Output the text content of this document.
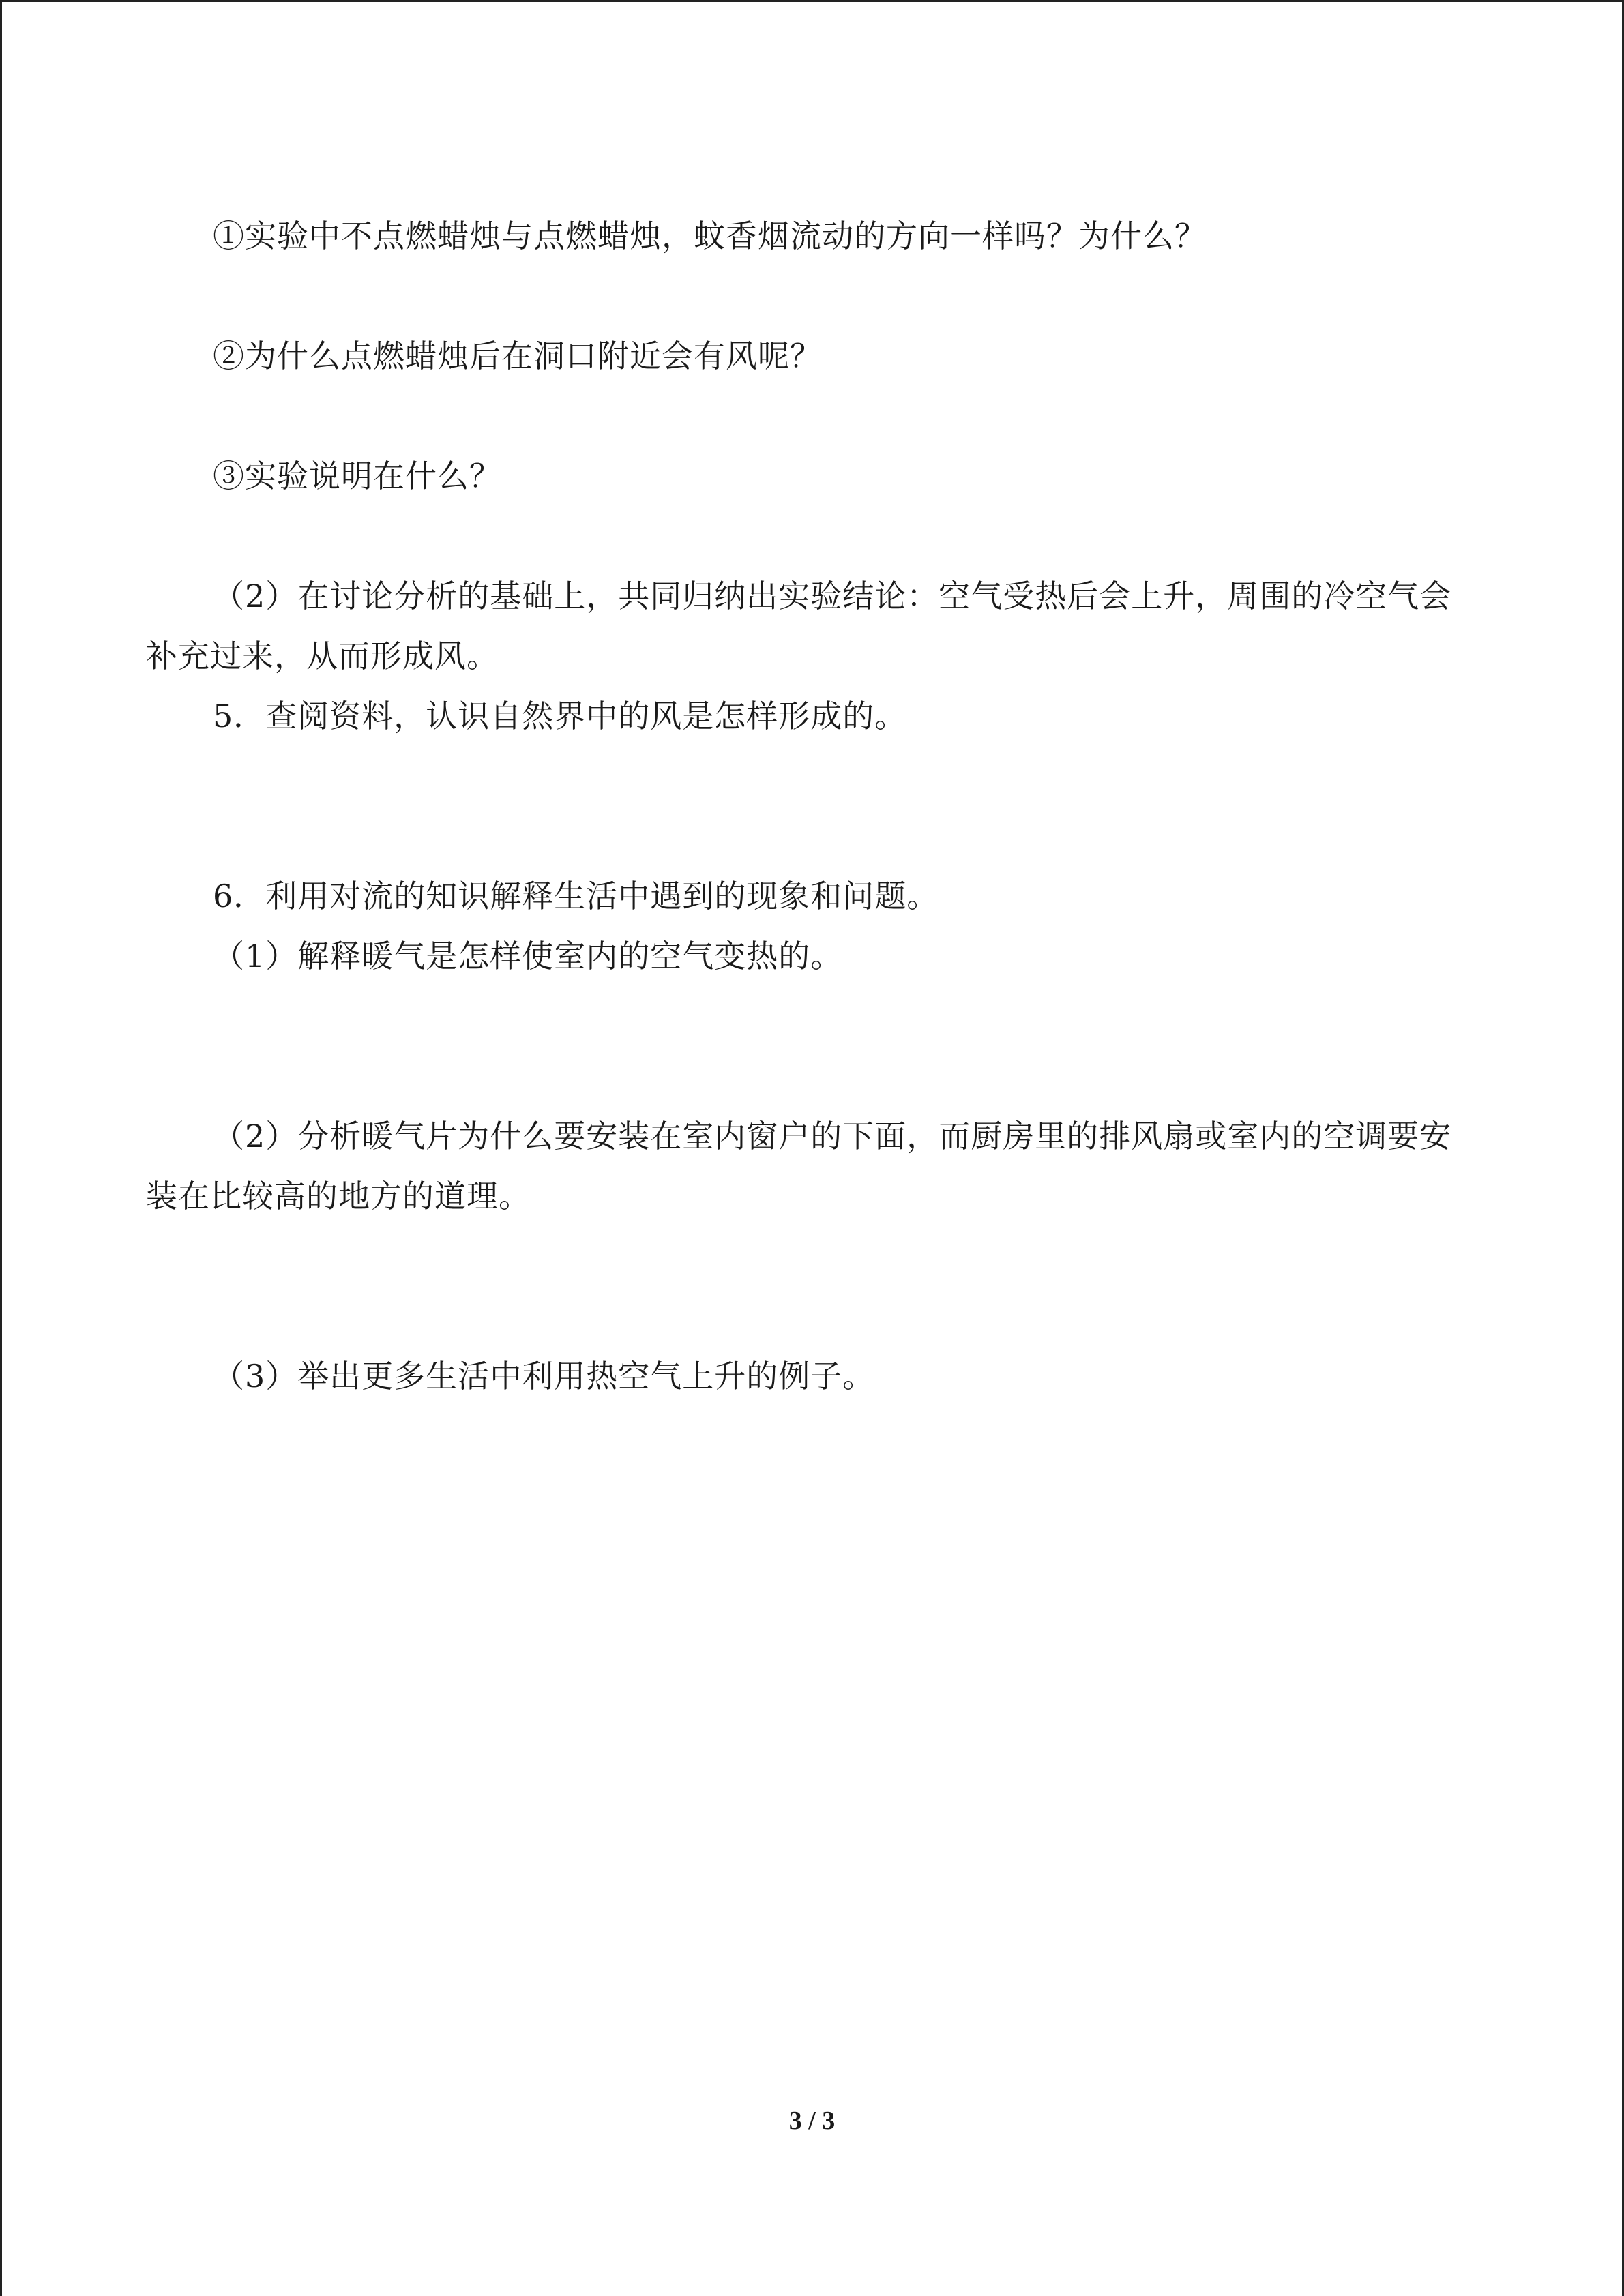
①实验中不点燃蜡烛与点燃蜡烛，蚊香烟流动的方向一样吗？为什么？

②为什么点燃蜡烛后在洞口附近会有风呢？

③实验说明在什么？

（2）在讨论分析的基础上，共同归纳出实验结论：空气受热后会上升，周围的冷空气会

补充过来，从而形成风。

5．查阅资料，认识自然界中的风是怎样形成的。

6．利用对流的知识解释生活中遇到的现象和问题。

（1）解释暖气是怎样使室内的空气变热的。

（2）分析暖气片为什么要安装在室内窗户的下面，而厨房里的排风扇或室内的空调要安

装在比较高的地方的道理。

（3）举出更多生活中利用热空气上升的例子。

3 / 3
